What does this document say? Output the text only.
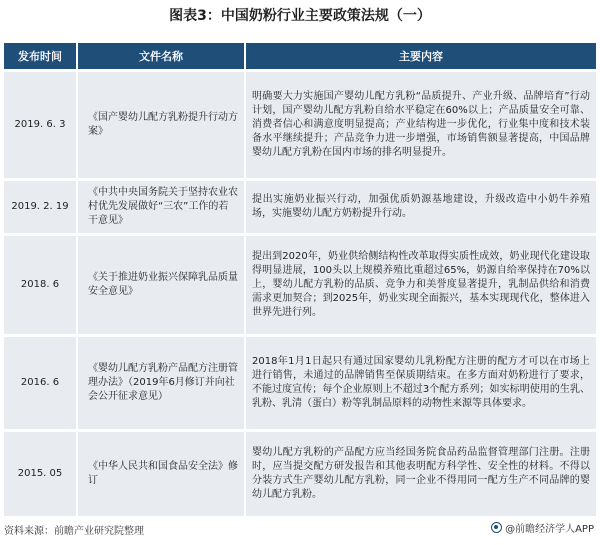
图表3：中国奶粉行业主要政策法规（一）
发布时间	文件名称	主要内容
2019. 6. 3	《国产婴幼儿配方乳粉提升行动方案》	明确要大力实施国产婴幼儿配方乳粉“品质提升、产业升级、品牌培育”行动计划，国产婴幼儿配方乳粉自给水平稳定在60%以上；产品质量安全可靠、消费者信心和满意度明显提高；产业结构进一步优化，行业集中度和技术装备水平继续提升；产品竞争力进一步增强，市场销售额显著提高，中国品牌婴幼儿配方乳粉在国内市场的排名明显提升。
2019. 2. 19	《中共中央国务院关于坚持农业农村优先发展做好“三农”工作的若干意见》	提出实施奶业振兴行动，加强优质奶源基地建设，升级改造中小奶牛养殖场，实施婴幼儿配方奶粉提升行动。
2018. 6	《关于推进奶业振兴保障乳品质量安全意见》	提出到2020年，奶业供给侧结构性改革取得实质性成效，奶业现代化建设取得明显进展，100头以上规模养殖比重超过65%，奶源自给率保持在70%以上，婴幼儿配方乳粉的品质、竞争力和美誉度显著提升，乳制品供给和消费需求更加契合；到2025年，奶业实现全面振兴，基本实现现代化，整体进入世界先进行列。
2016. 6	《婴幼儿配方乳粉产品配方注册管理办法》（2019年6月修订并向社会公开征求意见）	2018年1月1日起只有通过国家婴幼儿乳粉配方注册的配方才可以在市场上进行销售，未通过的品牌销售至保质期结束。在多方面对奶粉进行了要求，不能过度宣传；每个企业原则上不超过3个配方系列；如实标明使用的生乳、乳粉、乳清（蛋白）粉等乳制品原料的动物性来源等具体要求。
2015. 05	《中华人民共和国食品安全法》修订	婴幼儿配方乳粉的产品配方应当经国务院食品药品监督管理部门注册。注册时，应当提交配方研发报告和其他表明配方科学性、安全性的材料。不得以分装方式生产婴幼儿配方乳粉，同一企业不得用同一配方生产不同品牌的婴幼儿配方乳粉。
资料来源：前瞻产业研究院整理	@前瞻经济学人APP
